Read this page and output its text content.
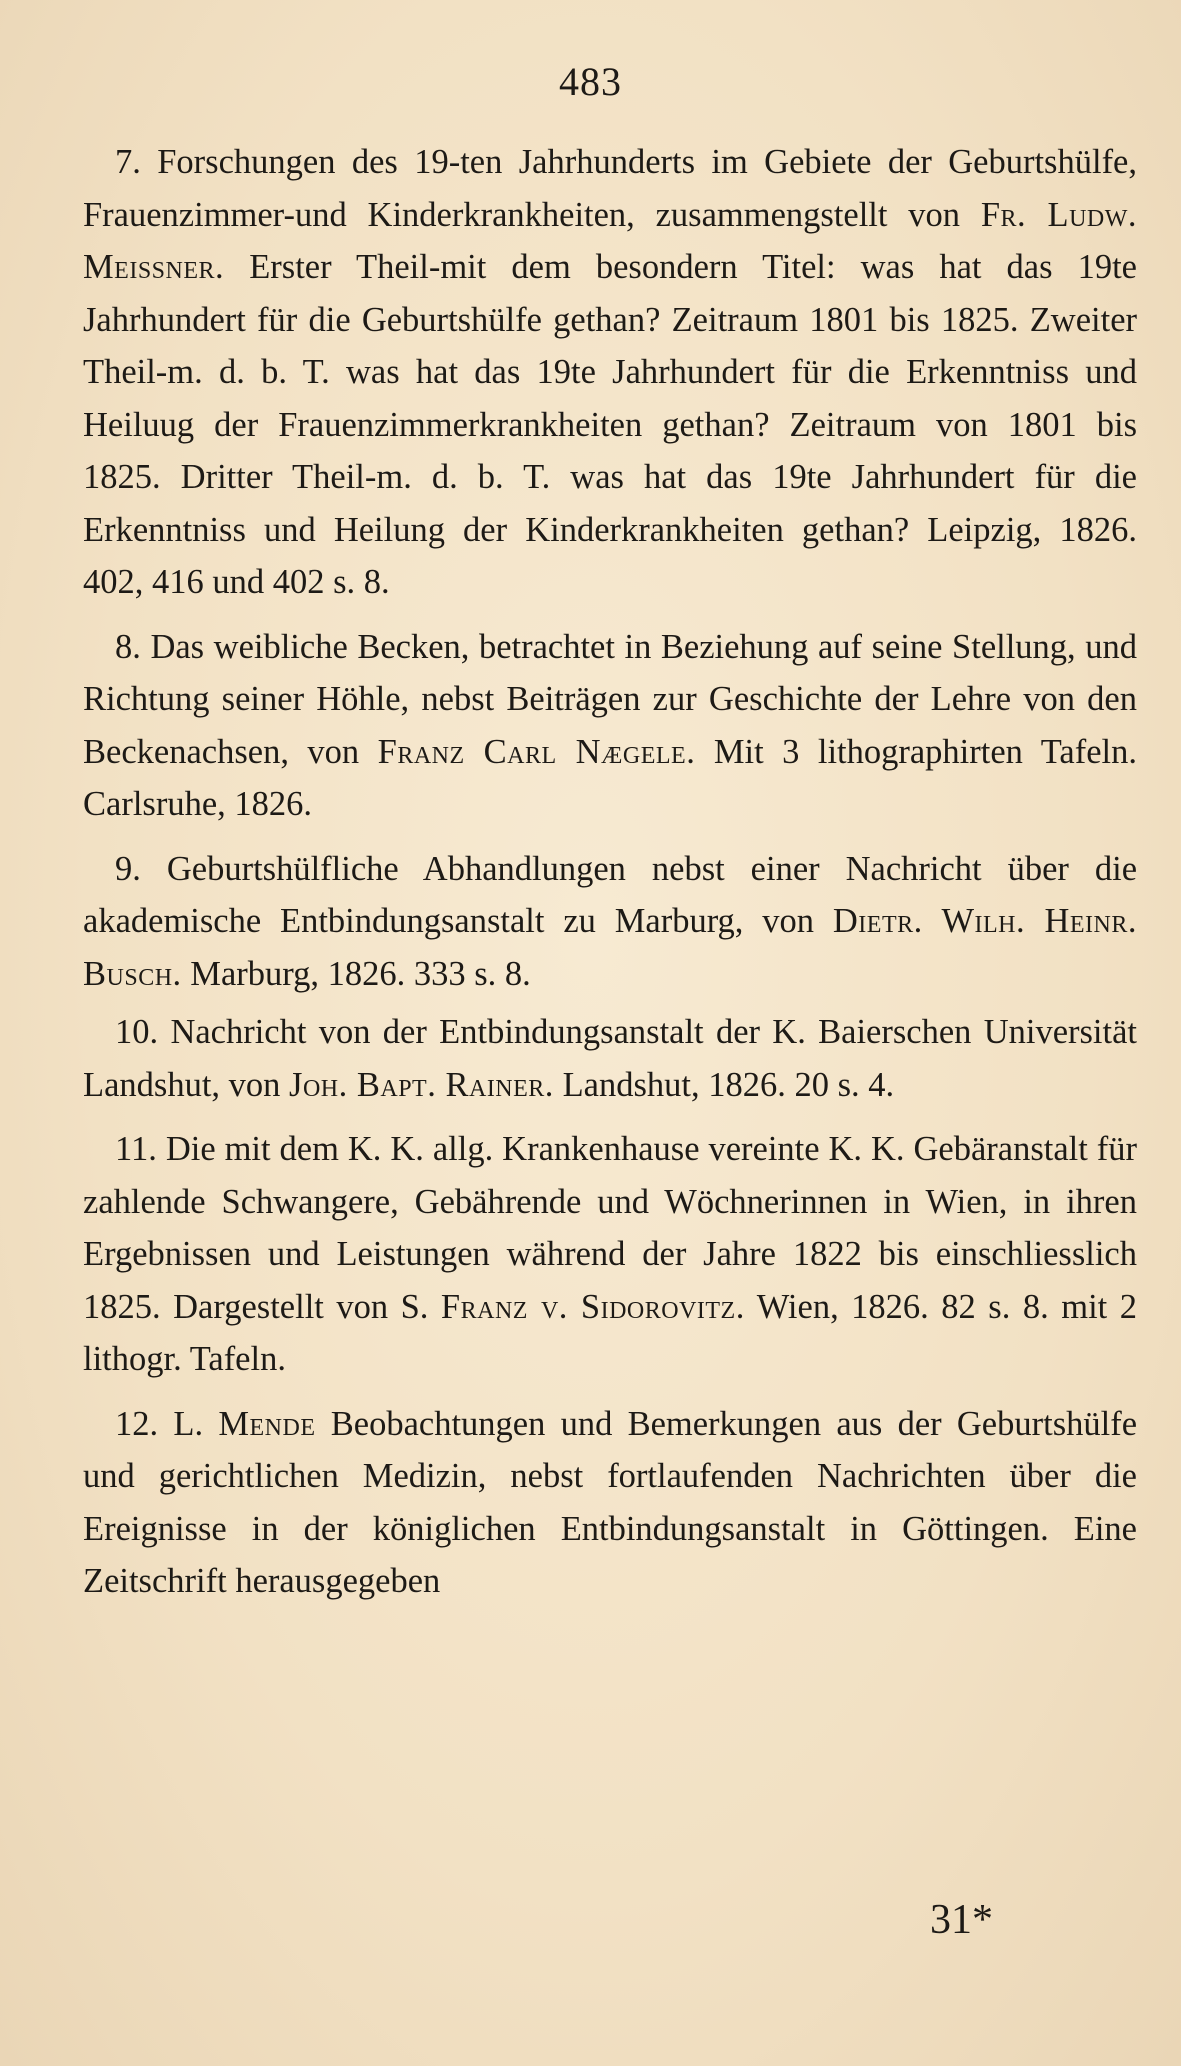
483

7. Forschungen des 19-ten Jahrhunderts im Gebiete der Geburtshülfe, Frauenzimmer-und Kinderkrankheiten, zusammengstellt von Fr. Ludw. Meissner. Erster Theil-mit dem besondern Titel: was hat das 19te Jahrhundert für die Geburtshülfe gethan? Zeitraum 1801 bis 1825. Zweiter Theil-m. d. b. T. was hat das 19te Jahrhundert für die Erkenntniss und Heiluug der Frauenzimmerkrankheiten gethan? Zeitraum von 1801 bis 1825. Dritter Theil-m. d. b. T. was hat das 19te Jahrhundert für die Erkenntniss und Heilung der Kinderkrankheiten gethan? Leipzig, 1826. 402, 416 und 402 s. 8.

8. Das weibliche Becken, betrachtet in Beziehung auf seine Stellung, und Richtung seiner Höhle, nebst Beiträgen zur Geschichte der Lehre von den Beckenachsen, von Franz Carl Nægele. Mit 3 lithographirten Tafeln. Carlsruhe, 1826.

9. Geburtshülfliche Abhandlungen nebst einer Nachricht über die akademische Entbindungsanstalt zu Marburg, von Dietr. Wilh. Heinr. Busch. Marburg, 1826. 333 s. 8.

10. Nachricht von der Entbindungsanstalt der K. Baierschen Universität Landshut, von Joh. Bapt. Rainer. Landshut, 1826. 20 s. 4.

11. Die mit dem K. K. allg. Krankenhause vereinte K. K. Gebäranstalt für zahlende Schwangere, Gebährende und Wöchnerinnen in Wien, in ihren Ergebnissen und Leistungen während der Jahre 1822 bis einschliesslich 1825. Dargestellt von S. Franz v. Sidorovitz. Wien, 1826. 82 s. 8. mit 2 lithogr. Tafeln.

12. L. Mende Beobachtungen und Bemerkungen aus der Geburtshülfe und gerichtlichen Medizin, nebst fortlaufenden Nachrichten über die Ereignisse in der königlichen Entbindungsanstalt in Göttingen. Eine Zeitschrift herausgegeben

31*
